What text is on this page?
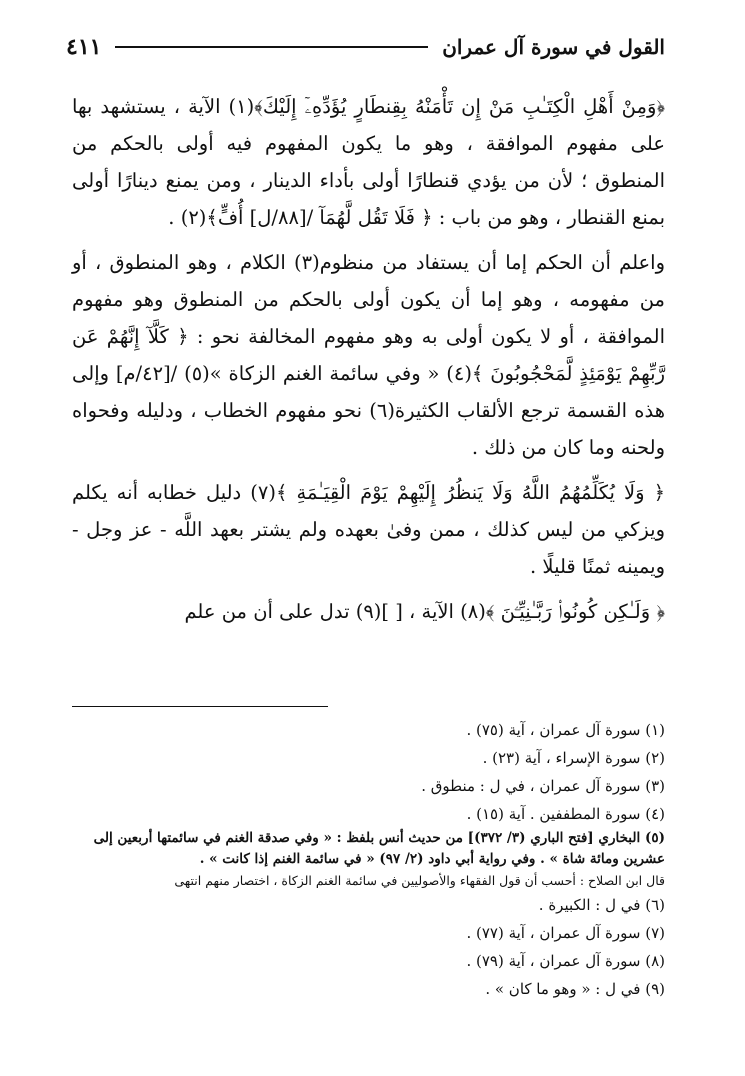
القول في سورة آل عمران
٤١١

﴿وَمِنْ أَهْلِ الْكِتَـٰبِ مَنْ إِن تَأْمَنْهُ بِقِنطَارٍ يُؤَدِّهِۦٓ إِلَيْكَ﴾(١) الآية ، يستشهد بها على مفهوم الموافقة ، وهو ما يكون المفهوم فيه أولى بالحكم من المنطوق ؛ لأن من يؤدي قنطارًا أولى بأداء الدينار ، ومن يمنع دينارًا أولى بمنع القنطار ، وهو من باب : ﴿ فَلَا تَقُل لَّهُمَآ /[٨٨/ل] أُفٍّ﴾(٢) .

واعلم أن الحكم إما أن يستفاد من منظوم(٣) الكلام ، وهو المنطوق ، أو من مفهومه ، وهو إما أن يكون أولى بالحكم من المنطوق وهو مفهوم الموافقة ، أو لا يكون أولى به وهو مفهوم المخالفة نحو : ﴿ كَلَّآ إِنَّهُمْ عَن رَّبِّهِمْ يَوْمَئِذٍ لَّمَحْجُوبُونَ ﴾(٤) « وفي سائمة الغنم الزكاة »(٥) /[٤٢/م] وإلى هذه القسمة ترجع الألقاب الكثيرة(٦) نحو مفهوم الخطاب ، ودليله وفحواه ولحنه وما كان من ذلك .

﴿ وَلَا يُكَلِّمُهُمُ اللَّهُ وَلَا يَنظُرُ إِلَيْهِمْ يَوْمَ الْقِيَـٰمَةِ ﴾(٧) دليل خطابه أنه يكلم ويزكي من ليس كذلك ، ممن وفىٰ بعهده ولم يشتر بعهد اللَّه - عز وجل - ويمينه ثمنًا قليلًا .

﴿ وَلَـٰكِن كُونُوا۟ رَبَّـٰنِيِّـۧنَ ﴾(٨) الآية ، [ ](٩) تدل على أن من علم

(١) سورة آل عمران ، آية (٧٥) .

(٢) سورة الإسراء ، آية (٢٣) .

(٣) سورة آل عمران ، في ل : منطوق .

(٤) سورة المطففين . آية (١٥) .

(٥) البخاري [فتح الباري (٣/ ٣٧٢)] من حديث أنس بلفظ : « وفي صدقة الغنم في سائمتها أربعين إلى عشرين ومائة شاة » . وفي رواية أبي داود (٢/ ٩٧) « في سائمة الغنم إذا كانت » .

قال ابن الصلاح : أحسب أن قول الفقهاء والأصوليين في سائمة الغنم الزكاة ، اختصار منهم انتهى

(٦) في ل : الكبيرة .

(٧) سورة آل عمران ، آية (٧٧) .

(٨) سورة آل عمران ، آية (٧٩) .

(٩) في ل : « وهو ما كان » .
